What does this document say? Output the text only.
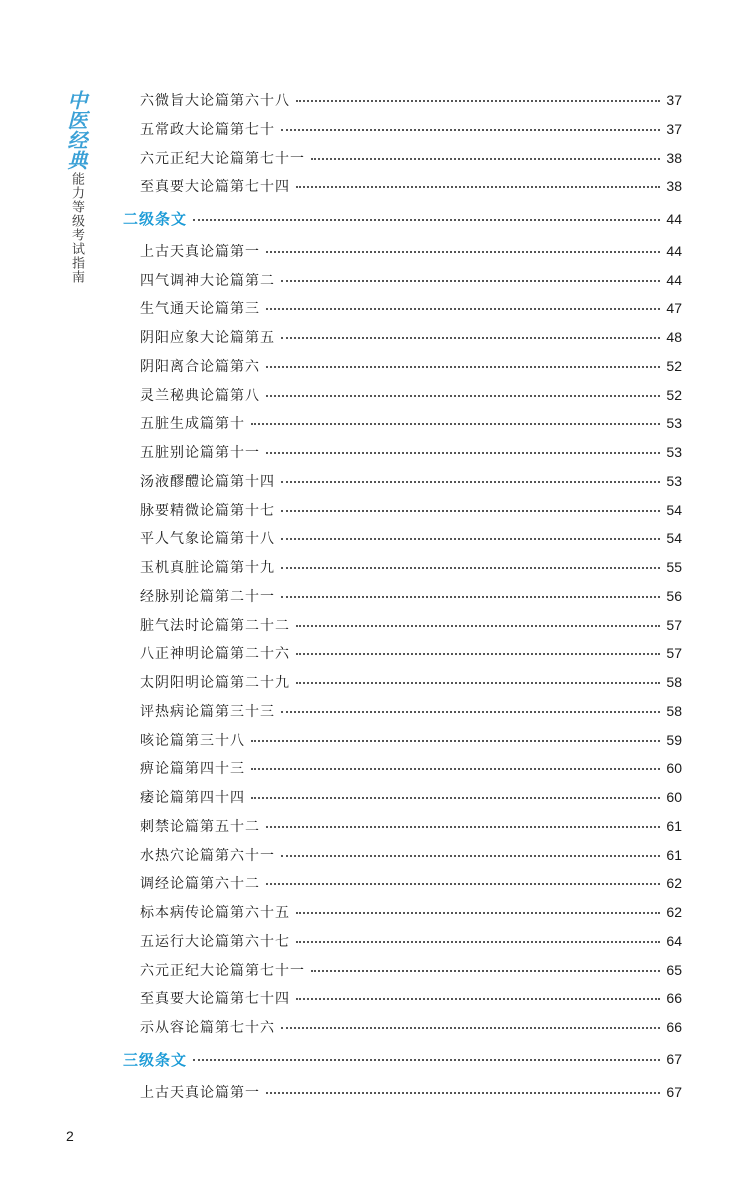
中医经典
能力等级考试指南
六微旨大论篇第六十八	37
五常政大论篇第七十	37
六元正纪大论篇第七十一	38
至真要大论篇第七十四	38
二级条文	44
上古天真论篇第一	44
四气调神大论篇第二	44
生气通天论篇第三	47
阴阳应象大论篇第五	48
阴阳离合论篇第六	52
灵兰秘典论篇第八	52
五脏生成篇第十	53
五脏别论篇第十一	53
汤液醪醴论篇第十四	53
脉要精微论篇第十七	54
平人气象论篇第十八	54
玉机真脏论篇第十九	55
经脉别论篇第二十一	56
脏气法时论篇第二十二	57
八正神明论篇第二十六	57
太阴阳明论篇第二十九	58
评热病论篇第三十三	58
咳论篇第三十八	59
痹论篇第四十三	60
痿论篇第四十四	60
刺禁论篇第五十二	61
水热穴论篇第六十一	61
调经论篇第六十二	62
标本病传论篇第六十五	62
五运行大论篇第六十七	64
六元正纪大论篇第七十一	65
至真要大论篇第七十四	66
示从容论篇第七十六	66
三级条文	67
上古天真论篇第一	67
2
